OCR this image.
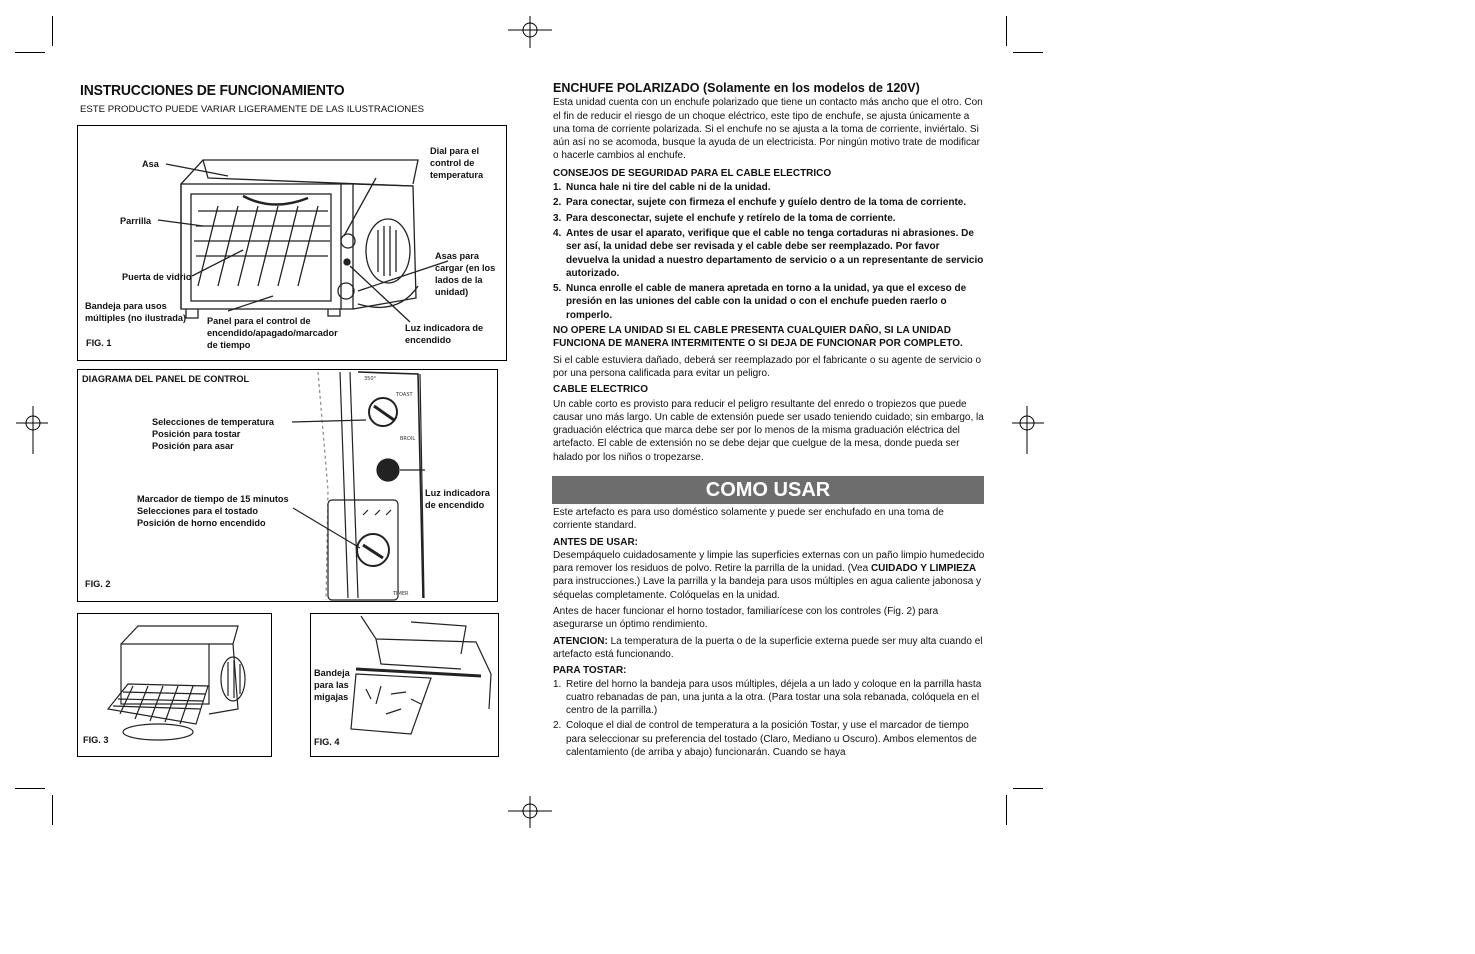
INSTRUCCIONES DE FUNCIONAMIENTO
ESTE PRODUCTO PUEDE VARIAR LIGERAMENTE DE LAS ILUSTRACIONES
Asa
Parrilla
Puerta de vidrio
Bandeja para usos
múltiples (no ilustrada) Panel para el control de
encendido/apagado/marcador
de tiempo
Dial para el
control de
temperatura
Asas para
cargar (en los
lados de la
unidad)
Luz indicadora de
encendido
FIG. 1
350°
TOAST
BROIL
TIMER
DIAGRAMA DEL PANEL DE CONTROL
Selecciones de temperatura
Posición para tostar
Posición para asar
Marcador de tiempo de 15 minutos
Selecciones para el tostado
Posición de horno encendido
Luz indicadora
de encendido
FIG. 2
FIG. 3
Bandeja
para las
migajas
FIG. 4
ENCHUFE POLARIZADO (Solamente en los modelos de 120V)
Esta unidad cuenta con un enchufe polarizado que tiene un contacto más ancho que el otro. Con el fin de reducir el riesgo de un choque eléctrico, este tipo de enchufe, se ajusta únicamente a una toma de corriente polarizada. Si el enchufe no se ajusta a la toma de corriente, inviértalo. Si aún así no se acomoda, busque la ayuda de un electricista. Por ningún motivo trate de modificar o hacerle cambios al enchufe.
CONSEJOS DE SEGURIDAD PARA EL CABLE ELECTRICO
1. Nunca hale ni tire del cable ni de la unidad.
2. Para conectar, sujete con firmeza el enchufe y guíelo dentro de la toma de corriente.
3. Para desconectar, sujete el enchufe y retírelo de la toma de corriente.
4. Antes de usar el aparato, verifique que el cable no tenga cortaduras ni abrasiones. De ser así, la unidad debe ser revisada y el cable debe ser reemplazado. Por favor devuelva la unidad a nuestro departamento de servicio o a un representante de servicio autorizado.
5. Nunca enrolle el cable de manera apretada en torno a la unidad, ya que el exceso de presión en las uniones del cable con la unidad o con el enchufe pueden raerlo o romperlo.
NO OPERE LA UNIDAD SI EL CABLE PRESENTA CUALQUIER DAÑO, SI LA UNIDAD FUNCIONA DE MANERA INTERMITENTE O SI DEJA DE FUNCIONAR POR COMPLETO.
Si el cable estuviera dañado, deberá ser reemplazado por el fabricante o su agente de servicio o por una persona calificada para evitar un peligro.
CABLE ELECTRICO
Un cable corto es provisto para reducir el peligro resultante del enredo o tropiezos que puede causar uno más largo. Un cable de extensión puede ser usado teniendo cuidado; sin embargo, la graduación eléctrica que marca debe ser por lo menos de la misma graduación eléctrica del artefacto. El cable de extensión no se debe dejar que cuelgue de la mesa, donde pueda ser halado por los niños o tropezarse.
COMO USAR
Este artefacto es para uso doméstico solamente y puede ser enchufado en una toma de corriente standard.
ANTES DE USAR:
Desempáquelo cuidadosamente y limpie las superficies externas con un paño limpio humedecido para remover los residuos de polvo. Retire la parrilla de la unidad. (Vea CUIDADO Y LIMPIEZA para instrucciones.) Lave la parrilla y la bandeja para usos múltiples en agua caliente jabonosa y séquelas completamente. Colóquelas en la unidad.
Antes de hacer funcionar el horno tostador, familiarícese con los controles (Fig. 2) para asegurarse un óptimo rendimiento.
ATENCION: La temperatura de la puerta o de la superficie externa puede ser muy alta cuando el artefacto está funcionando.
PARA TOSTAR:
1. Retire del horno la bandeja para usos múltiples, déjela a un lado y coloque en la parrilla hasta cuatro rebanadas de pan, una junta a la otra. (Para tostar una sola rebanada, colóquela en el centro de la parrilla.)
2. Coloque el dial de control de temperatura a la posición Tostar, y use el marcador de tiempo para seleccionar su preferencia del tostado (Claro, Mediano u Oscuro). Ambos elementos de calentamiento (de arriba y abajo) funcionarán. Cuando se haya
